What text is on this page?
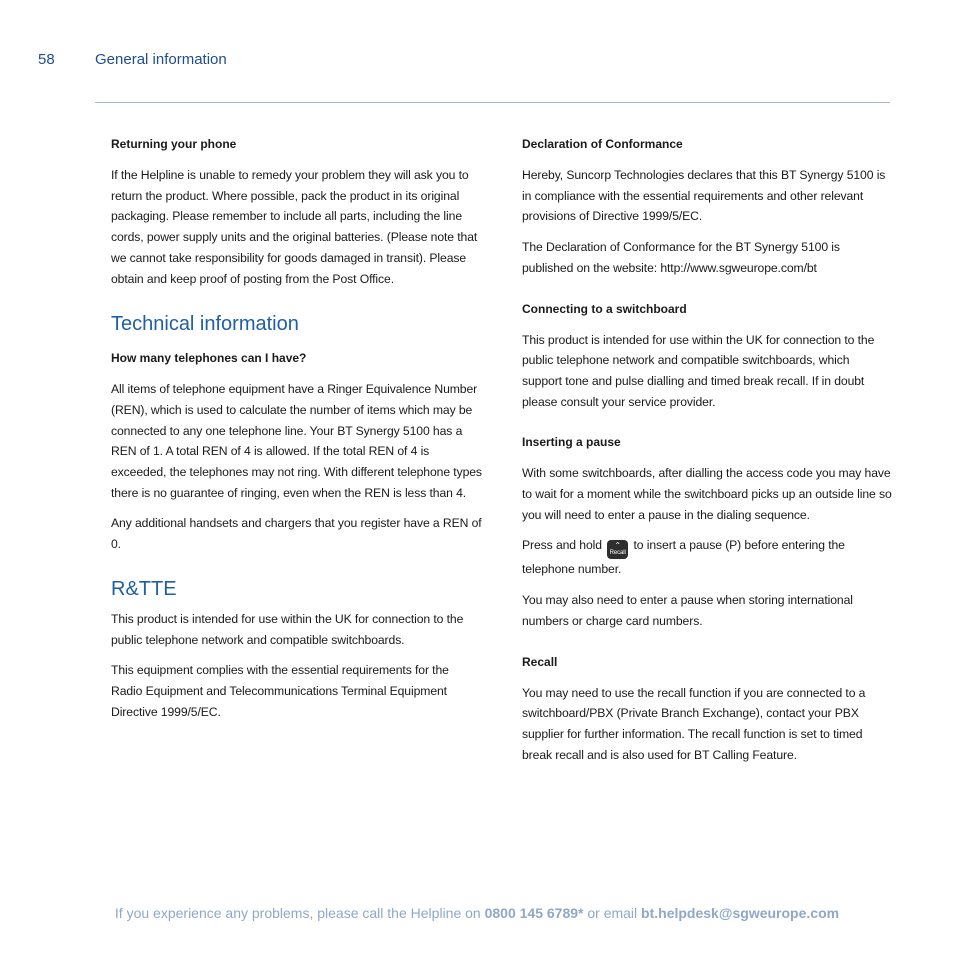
58	General information
Returning your phone
If the Helpline is unable to remedy your problem they will ask you to return the product. Where possible, pack the product in its original packaging. Please remember to include all parts, including the line cords, power supply units and the original batteries. (Please note that we cannot take responsibility for goods damaged in transit). Please obtain and keep proof of posting from the Post Office.
Technical information
How many telephones can I have?
All items of telephone equipment have a Ringer Equivalence Number (REN), which is used to calculate the number of items which may be connected to any one telephone line. Your BT Synergy 5100 has a REN of 1. A total REN of 4 is allowed. If the total REN of 4 is exceeded, the telephones may not ring. With different telephone types there is no guarantee of ringing, even when the REN is less than 4.
Any additional handsets and chargers that you register have a REN of 0.
R&TTE
This product is intended for use within the UK for connection to the public telephone network and compatible switchboards.
This equipment complies with the essential requirements for the Radio Equipment and Telecommunications Terminal Equipment Directive 1999/5/EC.
Declaration of Conformance
Hereby, Suncorp Technologies declares that this BT Synergy 5100 is in compliance with the essential requirements and other relevant provisions of Directive 1999/5/EC.
The Declaration of Conformance for the BT Synergy 5100 is published on the website: http://www.sgweurope.com/bt
Connecting to a switchboard
This product is intended for use within the UK for connection to the public telephone network and compatible switchboards, which support tone and pulse dialling and timed break recall. If in doubt please consult your service provider.
Inserting a pause
With some switchboards, after dialling the access code you may have to wait for a moment while the switchboard picks up an outside line so you will need to enter a pause in the dialing sequence.
Press and hold	⌃
Recall to insert a pause (P) before entering the telephone number.
You may also need to enter a pause when storing international numbers or charge card numbers.
Recall
You may need to use the recall function if you are connected to a switchboard/PBX (Private Branch Exchange), contact your PBX supplier for further information. The recall function is set to timed break recall and is also used for BT Calling Feature.
If you experience any problems, please call the Helpline on 0800 145 6789* or email bt.helpdesk@sgweurope.com
